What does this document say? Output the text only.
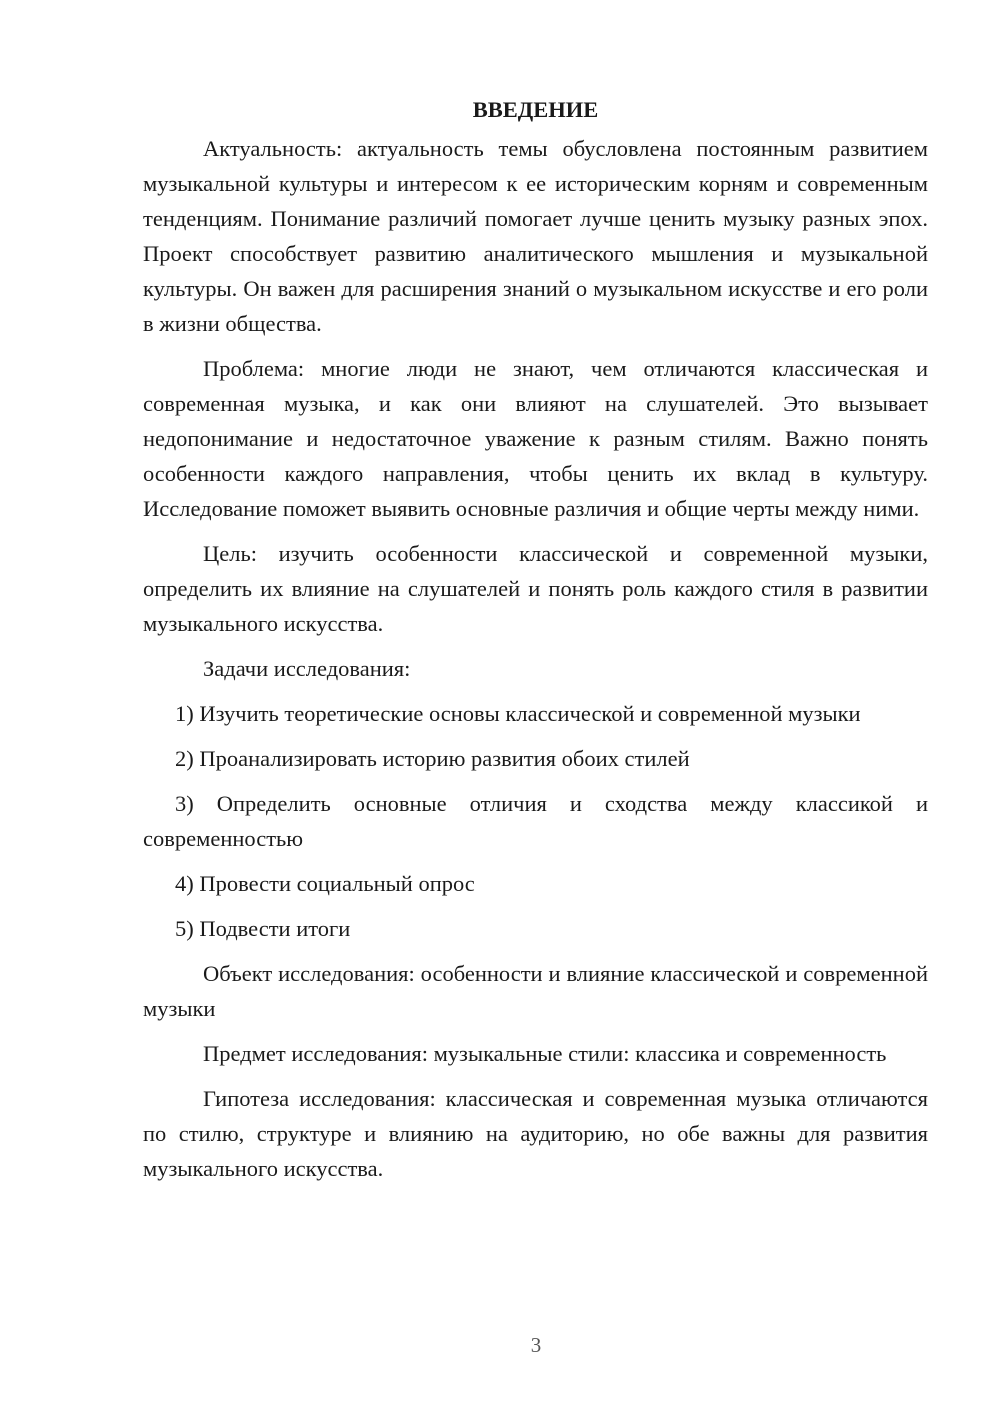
ВВЕДЕНИЕ
Актуальность: актуальность темы обусловлена постоянным развитием музыкальной культуры и интересом к ее историческим корням и современным тенденциям. Понимание различий помогает лучше ценить музыку разных эпох. Проект способствует развитию аналитического мышления и музыкальной культуры. Он важен для расширения знаний о музыкальном искусстве и его роли в жизни общества.
Проблема: многие люди не знают, чем отличаются классическая и современная музыка, и как они влияют на слушателей. Это вызывает недопонимание и недостаточное уважение к разным стилям. Важно понять особенности каждого направления, чтобы ценить их вклад в культуру. Исследование поможет выявить основные различия и общие черты между ними.
Цель: изучить особенности классической и современной музыки, определить их влияние на слушателей и понять роль каждого стиля в развитии музыкального искусства.
Задачи исследования:
1) Изучить теоретические основы классической и современной музыки
2) Проанализировать историю развития обоих стилей
3) Определить основные отличия и сходства между классикой и современностью
4) Провести социальный опрос
5) Подвести итоги
Объект исследования: особенности и влияние классической и современной музыки
Предмет исследования: музыкальные стили: классика и современность
Гипотеза исследования: классическая и современная музыка отличаются по стилю, структуре и влиянию на аудиторию, но обе важны для развития музыкального искусства.
3
